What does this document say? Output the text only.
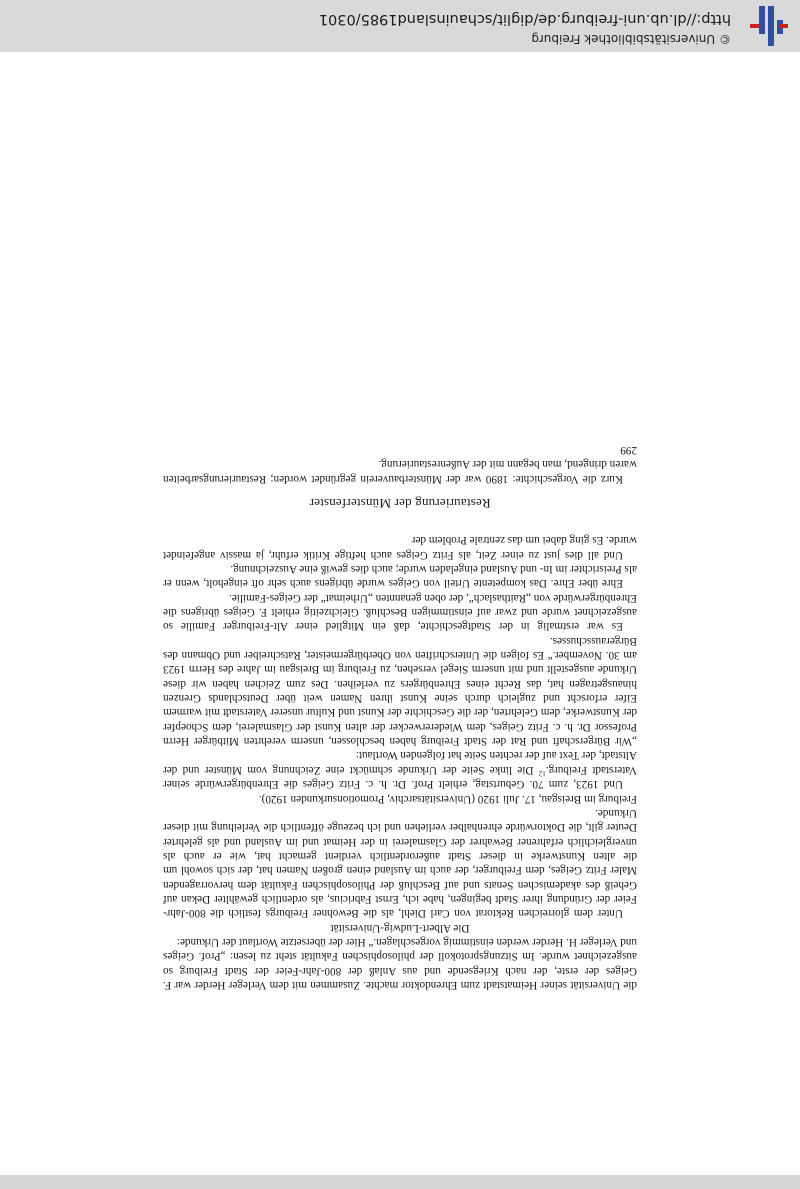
die Universität seiner Heimatstadt zum Ehrendoktor machte. Zusammen mit dem Verleger Herder war F. Geiges der erste, der nach Kriegsende und aus Anlaß der 800-Jahr-Feier der Stadt Freiburg so ausgezeichnet wurde. Im Sitzungsprotokoll der philosophischen Fakultät steht zu lesen: „Prof. Geiges und Verleger H. Herder werden einstimmig vorgeschlagen.“ Hier der übersetzte Wortlaut der Urkunde:

Die Albert-Ludwig-Universität

Unter dem glorreichen Rektorat von Carl Diehl, als die Bewohner Freiburgs festlich die 800-Jahr-Feier der Gründung ihrer Stadt begingen, habe ich, Ernst Fabricius, als ordentlich gewählter Dekan auf Geheiß des akademischen Senats und auf Beschluß der Philosophischen Fakultät dem hervorragenden Maler Fritz Geiges, dem Freiburger, der auch im Ausland einen großen Namen hat, der sich sowohl um die alten Kunstwerke in dieser Stadt außerordentlich verdient gemacht hat, wie er auch als unvergleichlich erfahrener Bewahrer der Glasmalerei in der Heimat und im Ausland und als gelehrter Deuter gilt, die Doktorwürde ehrenhalber verliehen und ich bezeuge öffentlich die Verleihung mit dieser Urkunde.

Freiburg im Breisgau, 17. Juli 1920 (Universitätsarchiv, Promotionsurkunden 1920).

Und 1923, zum 70. Geburtstag, erhielt Prof. Dr. h. c. Fritz Geiges die Ehrenbürgerwürde seiner Vaterstadt Freiburg.$^{12}$ Die linke Seite der Urkunde schmückt eine Zeichnung vom Münster und der Altstadt, der Text auf der rechten Seite hat folgenden Wortlaut:

„Wir Bürgerschaft und Rat der Stadt Freiburg haben beschlossen, unserm verehrten Mitbürger Herrn Professor Dr. h. c. Fritz Geiges, dem Wiedererwecker der alten Kunst der Glasmalerei, dem Schoepfer der Kunstwerke, dem Gelehrten, der die Geschichte der Kunst und Kultur unserer Vaterstadt mit warmem Eifer erforscht und zugleich durch seine Kunst ihren Namen weit über Deutschlands Grenzen hinausgetragen hat, das Recht eines Ehrenbürgers zu verleihen. Des zum Zeichen haben wir diese Urkunde ausgestellt und mit unserm Siegel versehen, zu Freiburg im Breisgau im Jahre des Herrn 1923 am 30. November.“ Es folgen die Unterschriften von Oberbürgermeister, Ratschreiber und Obmann des Bürgerausschusses.

Es war erstmalig in der Stadtgeschichte, daß ein Mitglied einer Alt-Freiburger Familie so ausgezeichnet wurde und zwar auf einstimmigen Beschluß. Gleichzeitig erhielt F. Geiges übrigens die Ehrenbürgerwürde von „Raithaslach“, der oben genannten „Urheimat“ der Geiges-Familie.

Ehre über Ehre. Das kompetente Urteil von Geiges wurde übrigens auch sehr oft eingeholt, wenn er als Preisrichter im In- und Ausland eingeladen wurde; auch dies gewiß eine Auszeichnung.

Und all dies just zu einer Zeit, als Fritz Geiges auch heftige Kritik erfuhr, ja massiv angefeindet wurde. Es ging dabei um das zentrale Problem der

Restaurierung der Münsterfenster

Kurz die Vorgeschichte: 1890 war der Münsterbauverein gegründet worden; Restaurierungsarbeiten waren dringend, man begann mit der Außenrestaurierung.

299

© Universitätsbibliothek Freiburg
http://dl.ub.uni-freiburg.de/diglit/schauinsland1985/0301
